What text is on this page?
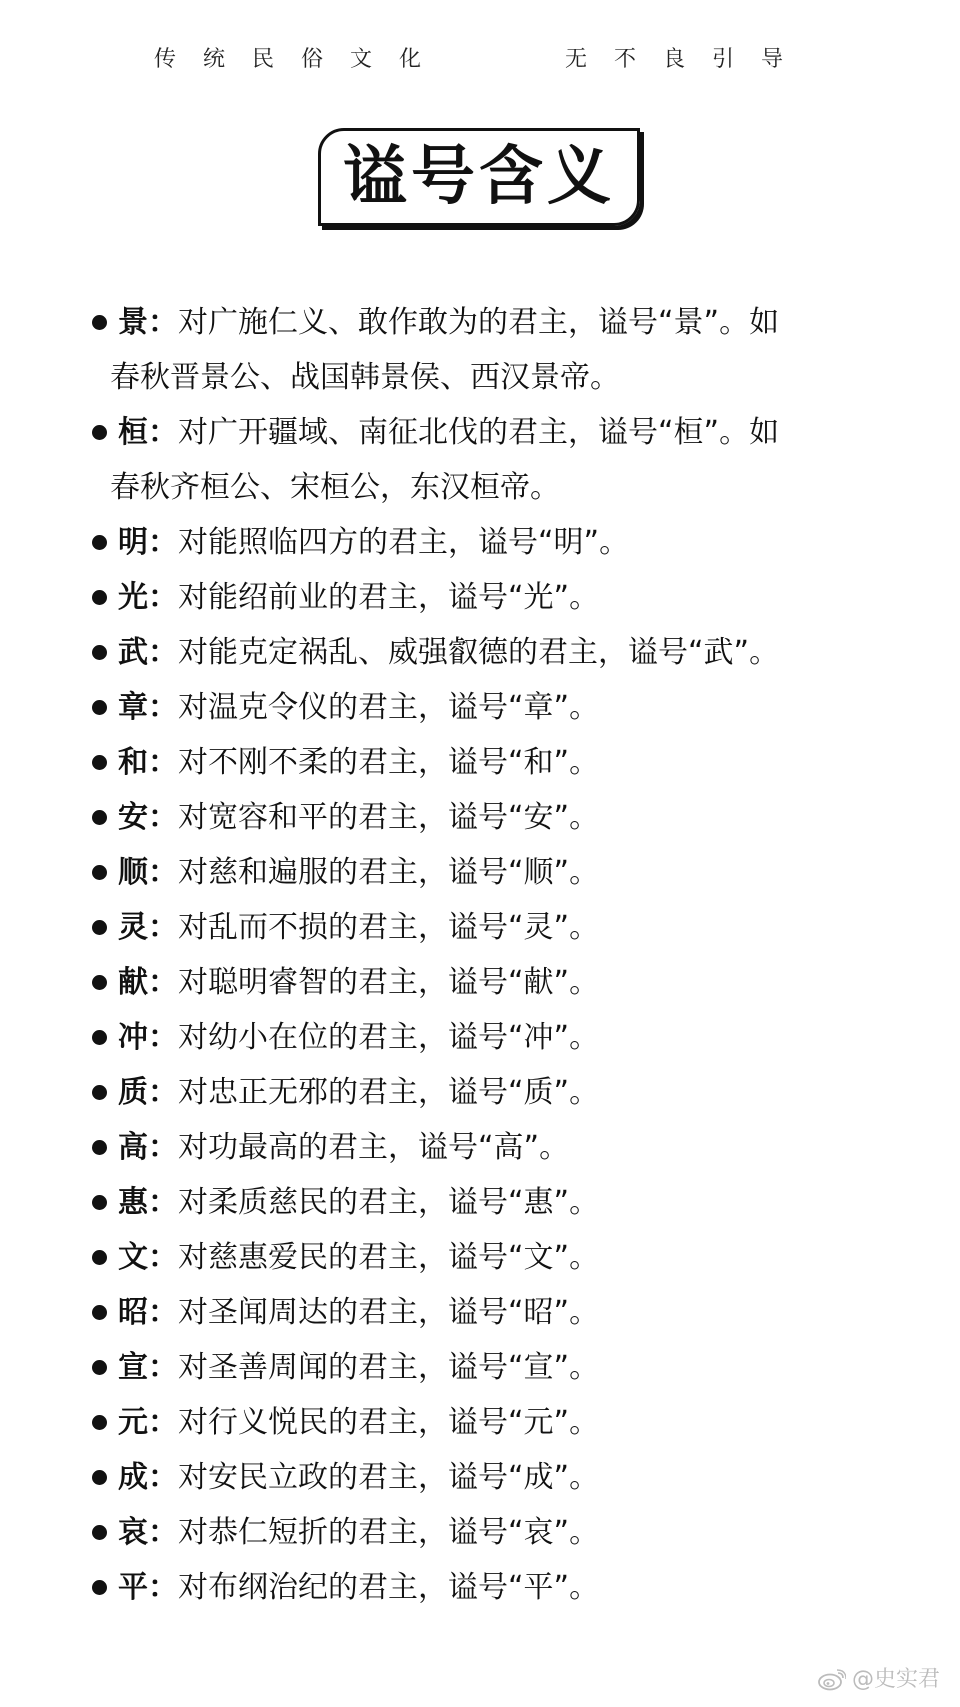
传统民俗文化	无不良引导
谥号含义
景：对广施仁义、敢作敢为的君主，谥号“景”。如
春秋晋景公、战国韩景侯、西汉景帝。
桓：对广开疆域、南征北伐的君主，谥号“桓”。如
春秋齐桓公、宋桓公，东汉桓帝。
明：对能照临四方的君主，谥号“明”。
光：对能绍前业的君主，谥号“光”。
武：对能克定祸乱、威强叡德的君主，谥号“武”。
章：对温克令仪的君主，谥号“章”。
和：对不刚不柔的君主，谥号“和”。
安：对宽容和平的君主，谥号“安”。
顺：对慈和遍服的君主，谥号“顺”。
灵：对乱而不损的君主，谥号“灵”。
献：对聪明睿智的君主，谥号“献”。
冲：对幼小在位的君主，谥号“冲”。
质：对忠正无邪的君主，谥号“质”。
高：对功最高的君主，谥号“高”。
惠：对柔质慈民的君主，谥号“惠”。
文：对慈惠爱民的君主，谥号“文”。
昭：对圣闻周达的君主，谥号“昭”。
宣：对圣善周闻的君主，谥号“宣”。
元：对行义悦民的君主，谥号“元”。
成：对安民立政的君主，谥号“成”。
哀：对恭仁短折的君主，谥号“哀”。
平：对布纲治纪的君主，谥号“平”。
@史实君
